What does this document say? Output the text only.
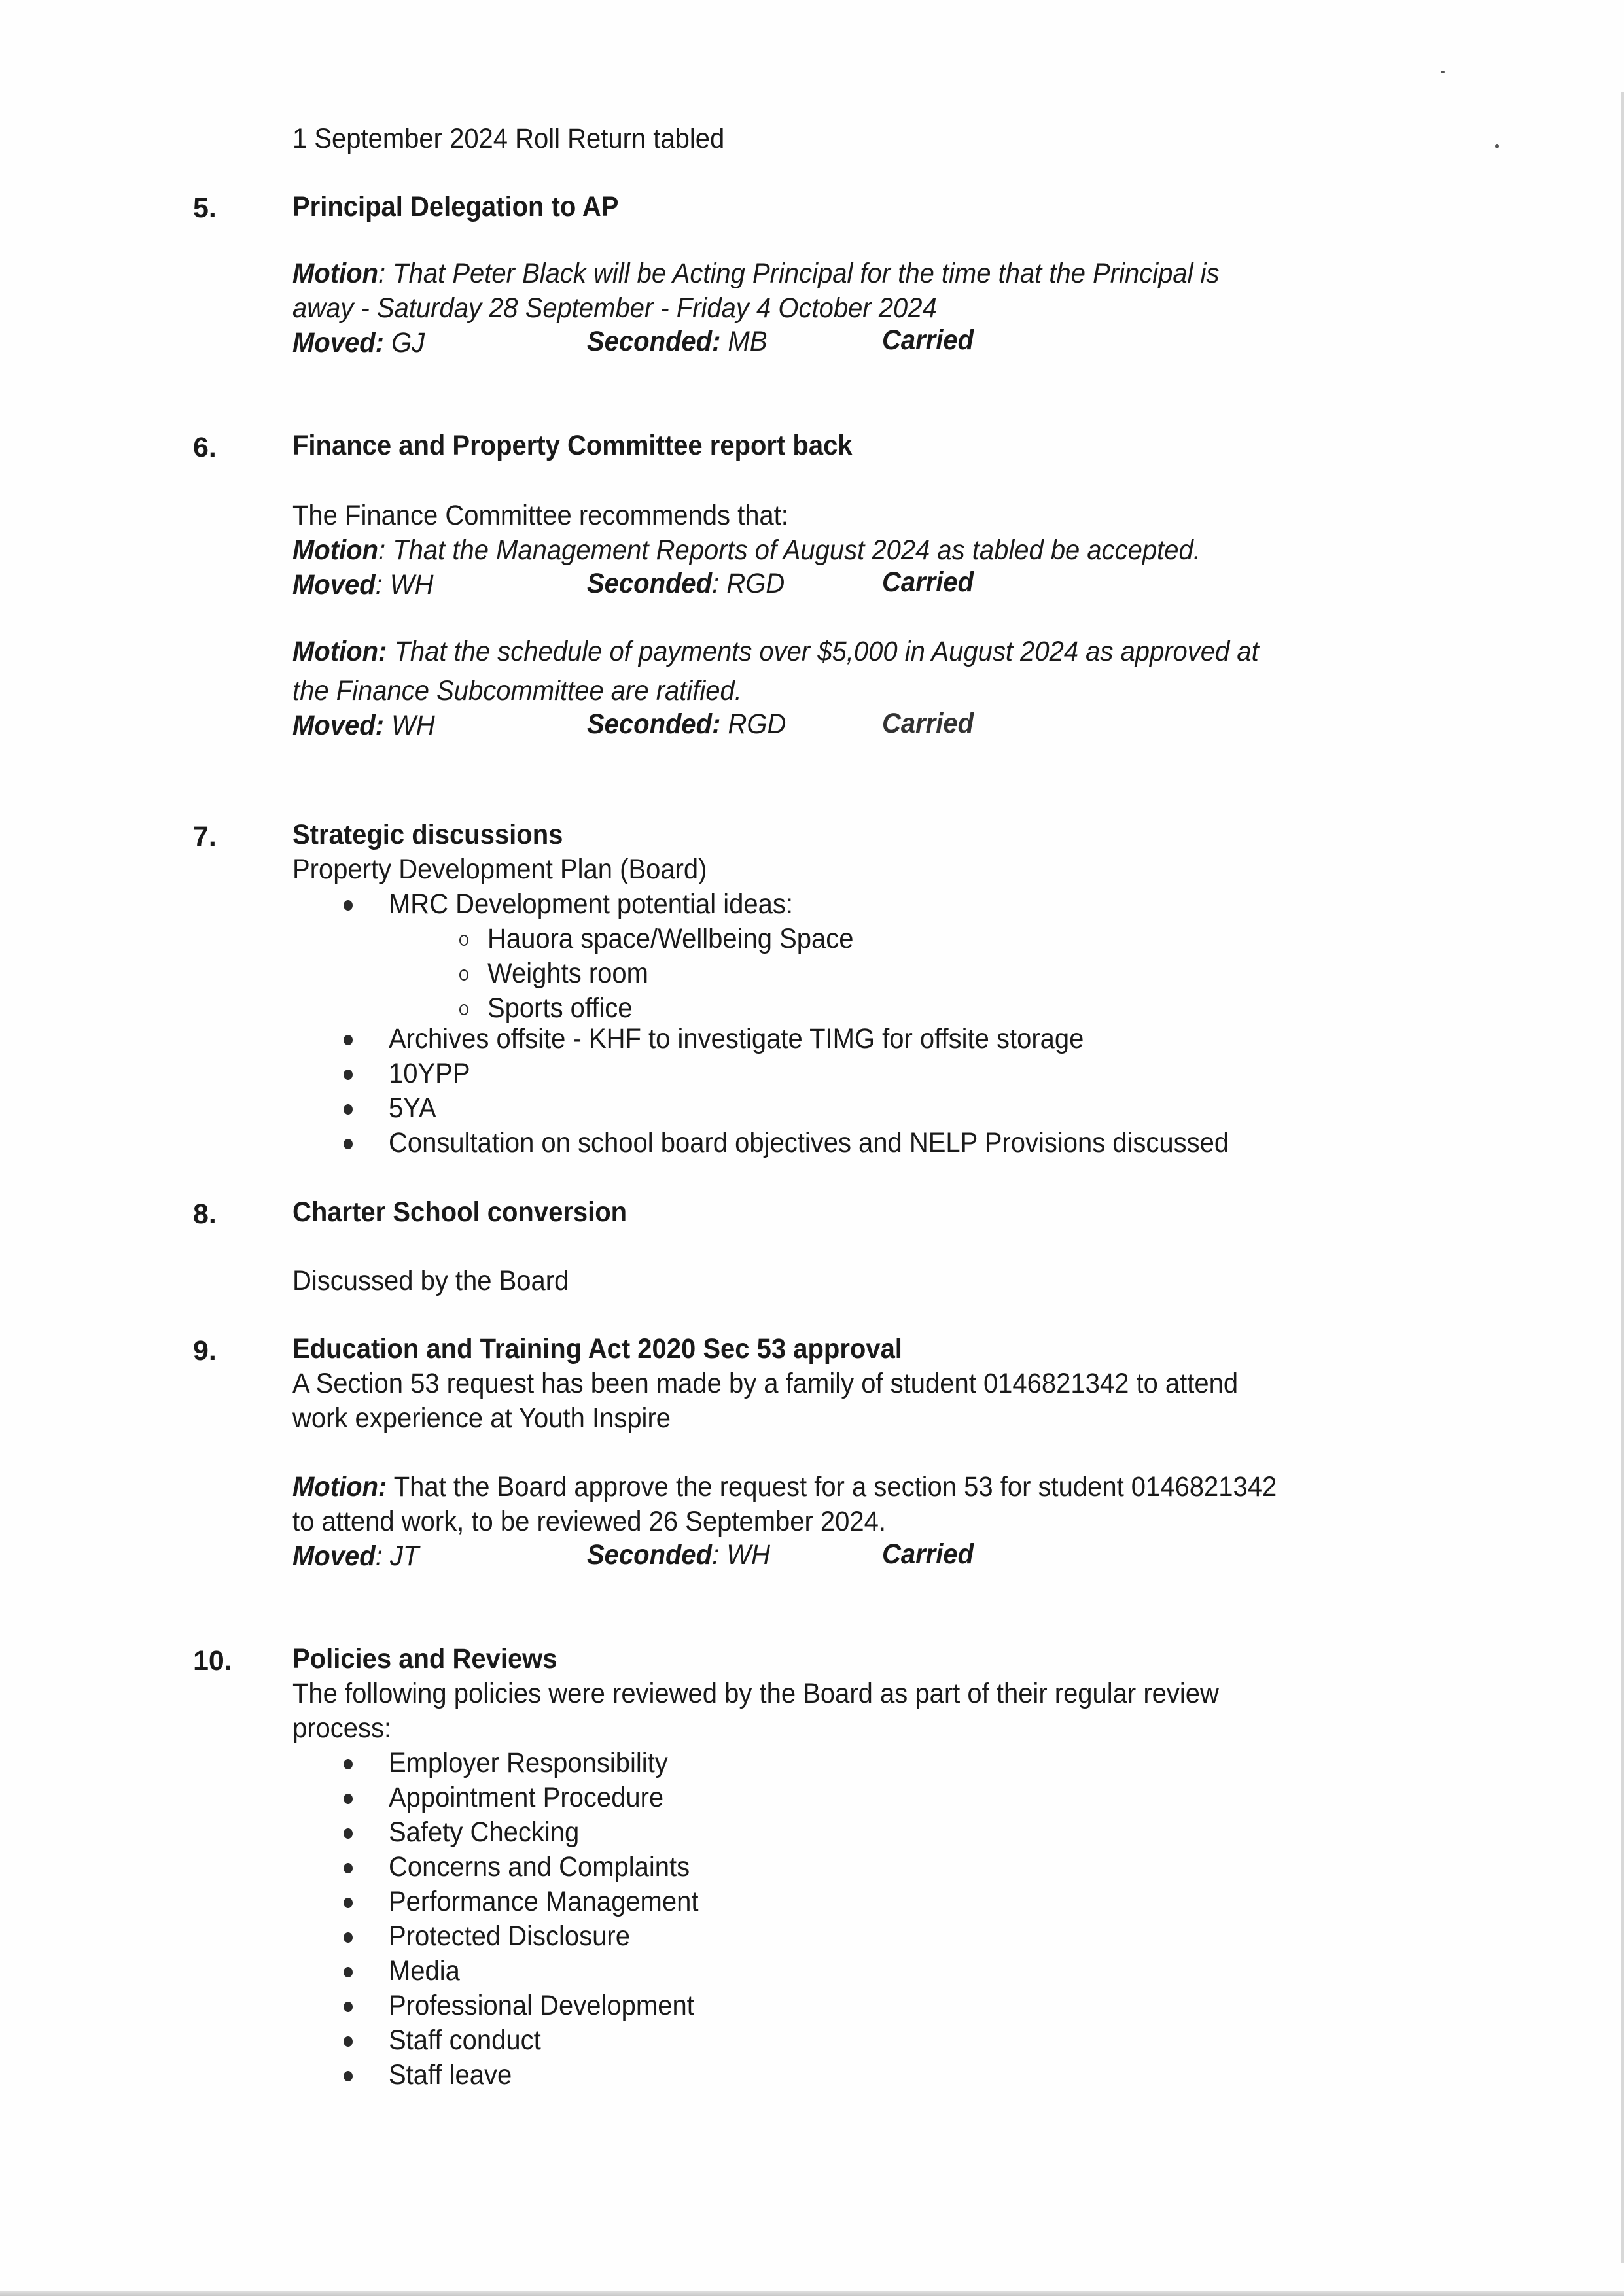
1 September 2024 Roll Return tabled
5.	Principal Delegation to AP
Motion: That Peter Black will be Acting Principal for the time that the Principal is
away - Saturday 28 September - Friday 4 October 2024
Moved: GJ	Seconded: MB	Carried
6.	Finance and Property Committee report back
The Finance Committee recommends that:
Motion: That the Management Reports of August 2024 as tabled be accepted.
Moved: WH	Seconded: RGD	Carried
Motion: That the schedule of payments over $5,000 in August 2024 as approved at
the Finance Subcommittee are ratified.
Moved: WH	Seconded: RGD	Carried
7.	Strategic discussions
Property Development Plan (Board)
MRC Development potential ideas:
Hauora space/Wellbeing Space
Weights room
Sports office
Archives offsite - KHF to investigate TIMG for offsite storage
10YPP
5YA
Consultation on school board objectives and NELP Provisions discussed
8.	Charter School conversion
Discussed by the Board
9.	Education and Training Act 2020 Sec 53 approval
A Section 53 request has been made by a family of student 0146821342 to attend
work experience at Youth Inspire
Motion: That the Board approve the request for a section 53 for student 0146821342
to attend work, to be reviewed 26 September 2024.
Moved: JT	Seconded: WH	Carried
10. Policies and Reviews
The following policies were reviewed by the Board as part of their regular review
process:
Employer Responsibility
Appointment Procedure
Safety Checking
Concerns and Complaints
Performance Management
Protected Disclosure
Media
Professional Development
Staff conduct
Staff leave
